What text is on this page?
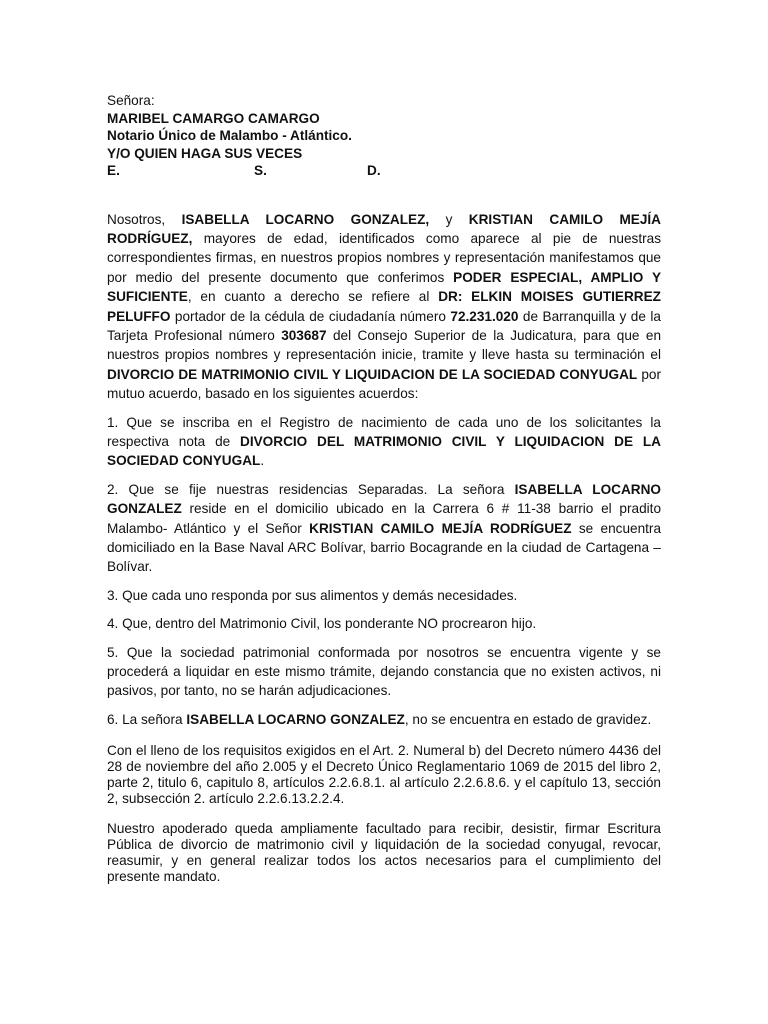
Señora:
MARIBEL CAMARGO CAMARGO
Notario Único de Malambo - Atlántico.
Y/O QUIEN HAGA SUS VECES
E.	S.	D.

Nosotros, ISABELLA LOCARNO GONZALEZ, y KRISTIAN CAMILO MEJÍA RODRÍGUEZ, mayores de edad, identificados como aparece al pie de nuestras correspondientes firmas, en nuestros propios nombres y representación manifestamos que por medio del presente documento que conferimos PODER ESPECIAL, AMPLIO Y SUFICIENTE, en cuanto a derecho se refiere al DR: ELKIN MOISES GUTIERREZ PELUFFO portador de la cédula de ciudadanía número 72.231.020 de Barranquilla y de la Tarjeta Profesional número 303687 del Consejo Superior de la Judicatura, para que en nuestros propios nombres y representación inicie, tramite y lleve hasta su terminación el DIVORCIO DE MATRIMONIO CIVIL Y LIQUIDACION DE LA SOCIEDAD CONYUGAL por mutuo acuerdo, basado en los siguientes acuerdos:

1. Que se inscriba en el Registro de nacimiento de cada uno de los solicitantes la respectiva nota de DIVORCIO DEL MATRIMONIO CIVIL Y LIQUIDACION DE LA SOCIEDAD CONYUGAL.

2. Que se fije nuestras residencias Separadas. La señora ISABELLA LOCARNO GONZALEZ reside en el domicilio ubicado en la Carrera 6 # 11-38 barrio el pradito Malambo- Atlántico y el Señor KRISTIAN CAMILO MEJÍA RODRÍGUEZ se encuentra domiciliado en la Base Naval ARC Bolívar, barrio Bocagrande en la ciudad de Cartagena – Bolívar.

3. Que cada uno responda por sus alimentos y demás necesidades.

4. Que, dentro del Matrimonio Civil, los ponderante NO procrearon hijo.

5. Que la sociedad patrimonial conformada por nosotros se encuentra vigente y se procederá a liquidar en este mismo trámite, dejando constancia que no existen activos, ni pasivos, por tanto, no se harán adjudicaciones.

6. La señora ISABELLA LOCARNO GONZALEZ, no se encuentra en estado de gravidez.

Con el lleno de los requisitos exigidos en el Art. 2. Numeral b) del Decreto número 4436 del 28 de noviembre del año 2.005 y el Decreto Único Reglamentario 1069 de 2015 del libro 2, parte 2, titulo 6, capitulo 8, artículos 2.2.6.8.1. al artículo 2.2.6.8.6. y el capítulo 13, sección 2, subsección 2. artículo 2.2.6.13.2.2.4.

Nuestro apoderado queda ampliamente facultado para recibir, desistir, firmar Escritura Pública de divorcio de matrimonio civil y liquidación de la sociedad conyugal, revocar, reasumir, y en general realizar todos los actos necesarios para el cumplimiento del presente mandato.
